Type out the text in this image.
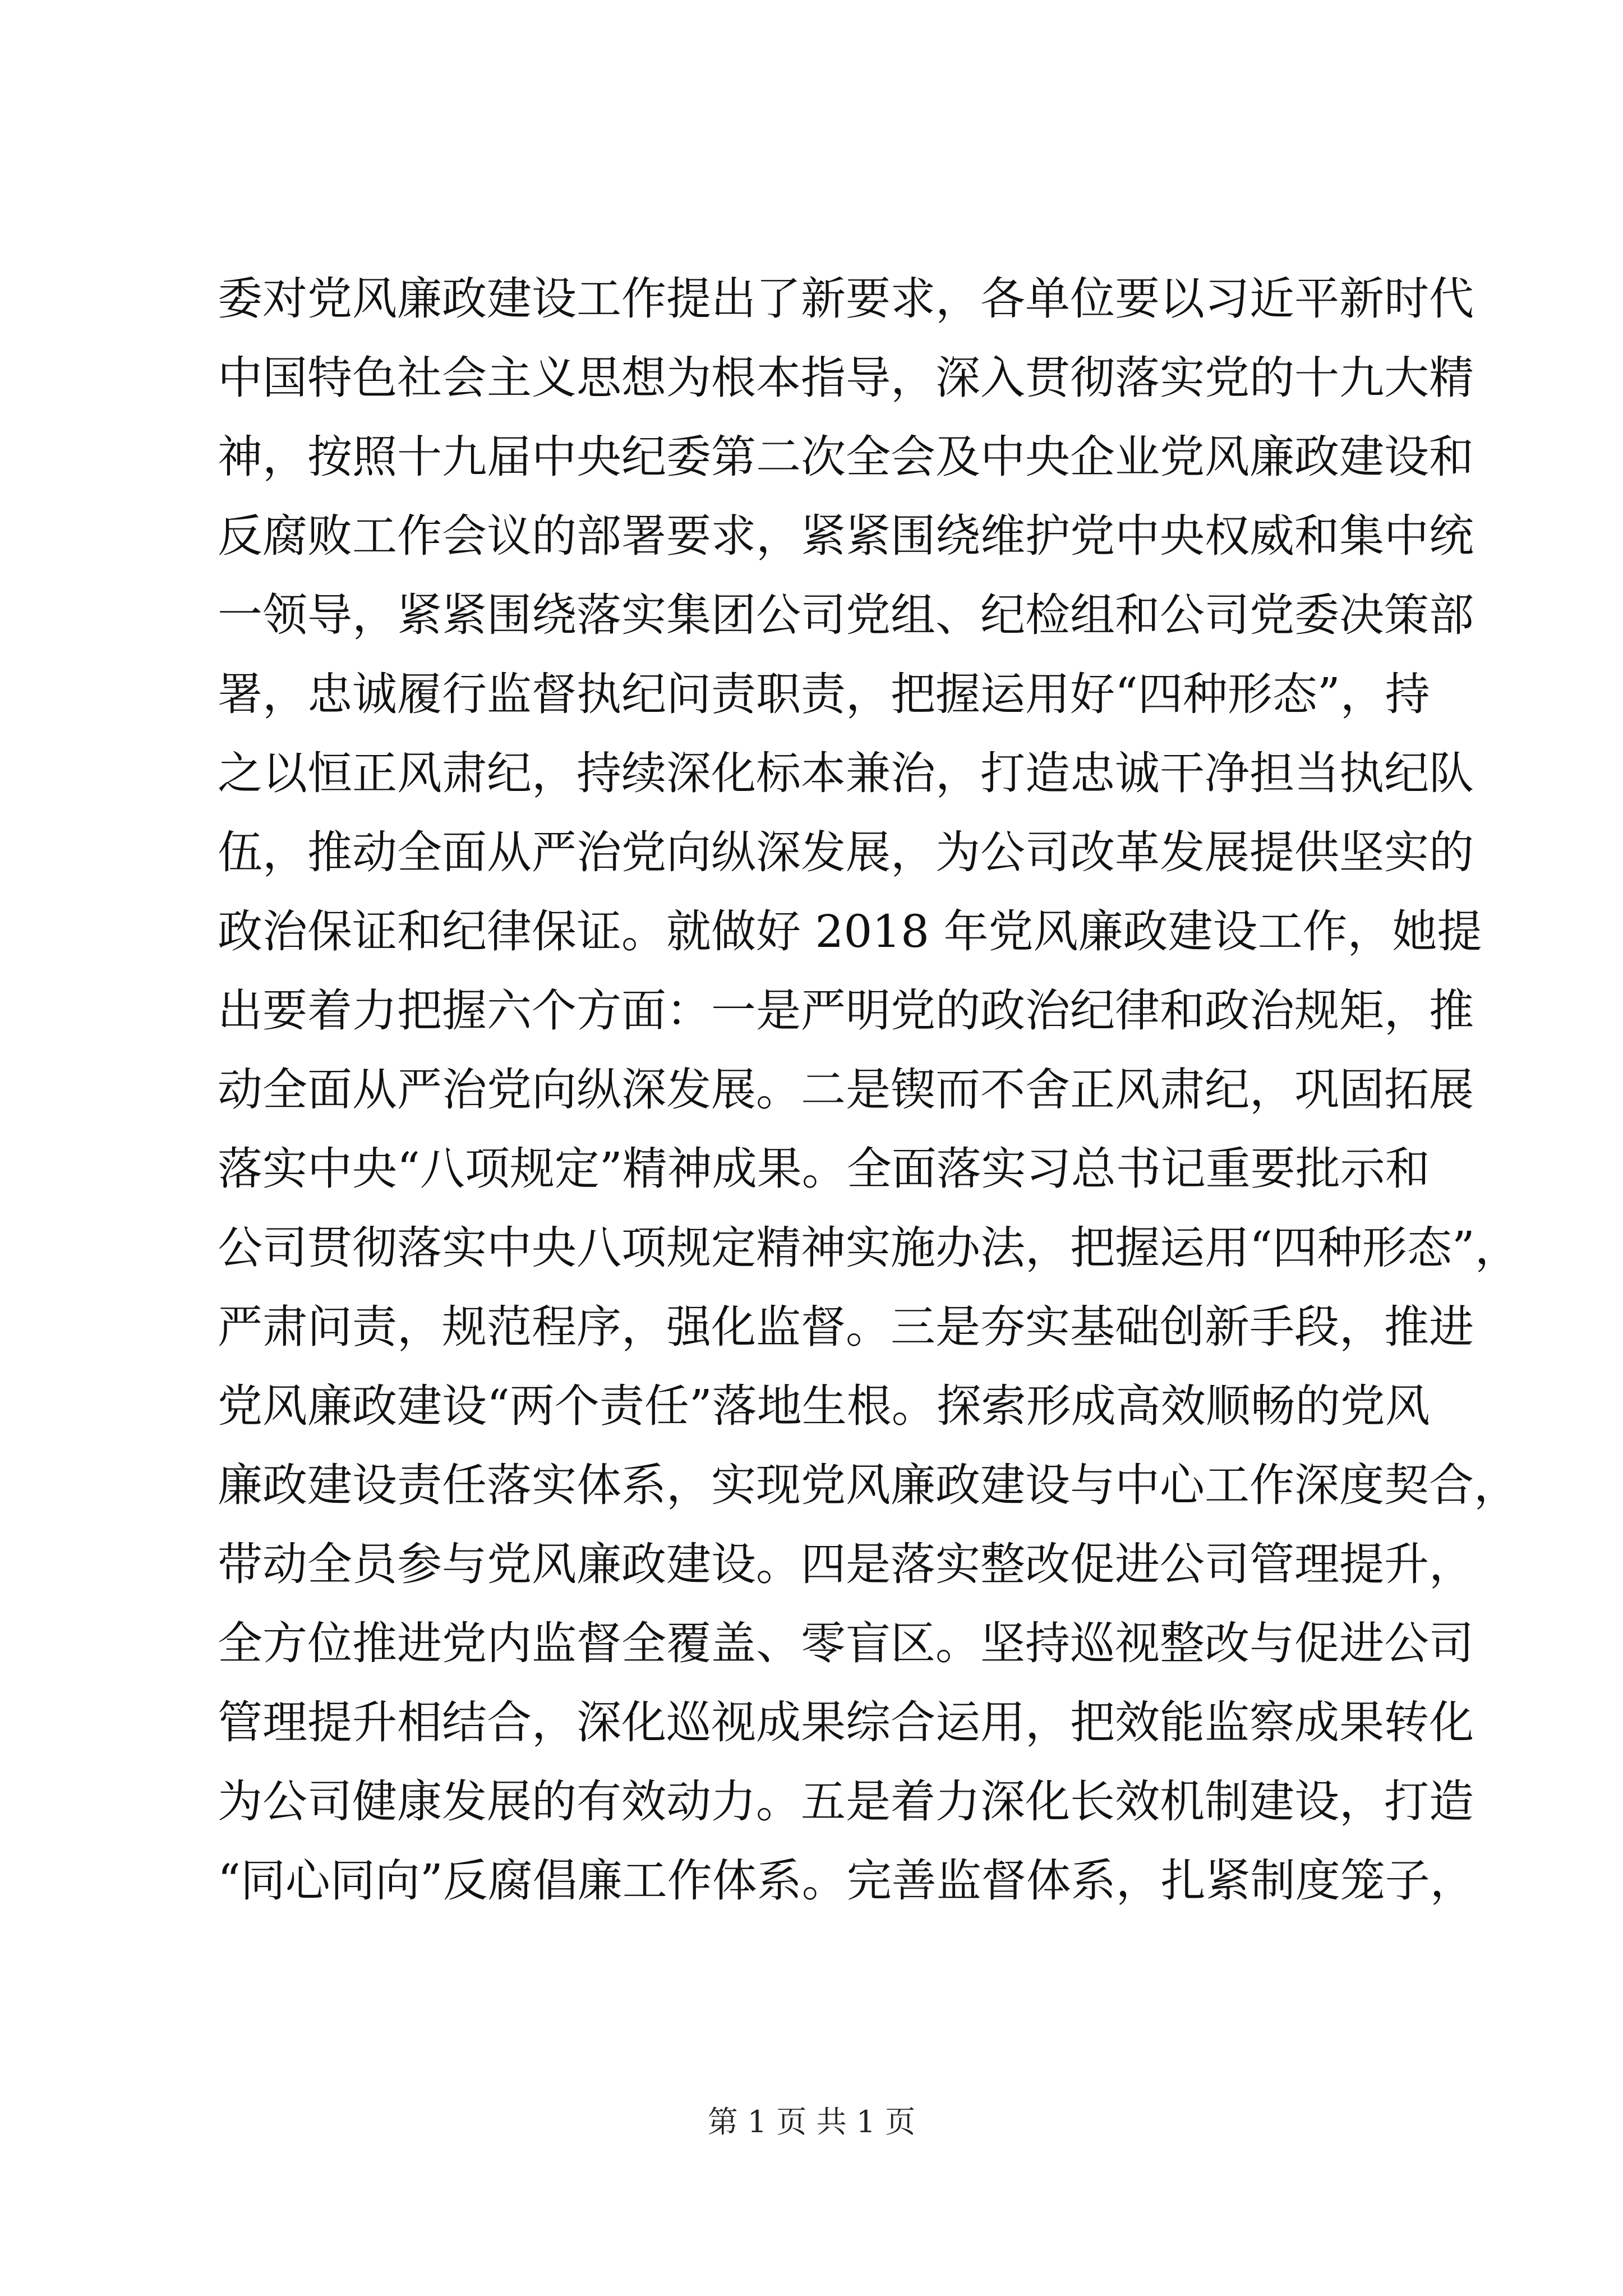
委对党风廉政建设工作提出了新要求，各单位要以习近平新时代
中国特色社会主义思想为根本指导，深入贯彻落实党的十九大精
神，按照十九届中央纪委第二次全会及中央企业党风廉政建设和
反腐败工作会议的部署要求，紧紧围绕维护党中央权威和集中统
一领导，紧紧围绕落实集团公司党组、纪检组和公司党委决策部
署，忠诚履行监督执纪问责职责，把握运用好“四种形态”，持
之以恒正风肃纪，持续深化标本兼治，打造忠诚干净担当执纪队
伍，推动全面从严治党向纵深发展，为公司改革发展提供坚实的
政治保证和纪律保证。就做好 2018 年党风廉政建设工作，她提
出要着力把握六个方面：一是严明党的政治纪律和政治规矩，推
动全面从严治党向纵深发展。二是锲而不舍正风肃纪，巩固拓展
落实中央“八项规定”精神成果。全面落实习总书记重要批示和
公司贯彻落实中央八项规定精神实施办法，把握运用“四种形态”，
严肃问责，规范程序，强化监督。三是夯实基础创新手段，推进
党风廉政建设“两个责任”落地生根。探索形成高效顺畅的党风
廉政建设责任落实体系，实现党风廉政建设与中心工作深度契合，
带动全员参与党风廉政建设。四是落实整改促进公司管理提升，
全方位推进党内监督全覆盖、零盲区。坚持巡视整改与促进公司
管理提升相结合，深化巡视成果综合运用，把效能监察成果转化
为公司健康发展的有效动力。五是着力深化长效机制建设，打造
“同心同向”反腐倡廉工作体系。完善监督体系，扎紧制度笼子，
第 1 页 共 1 页
